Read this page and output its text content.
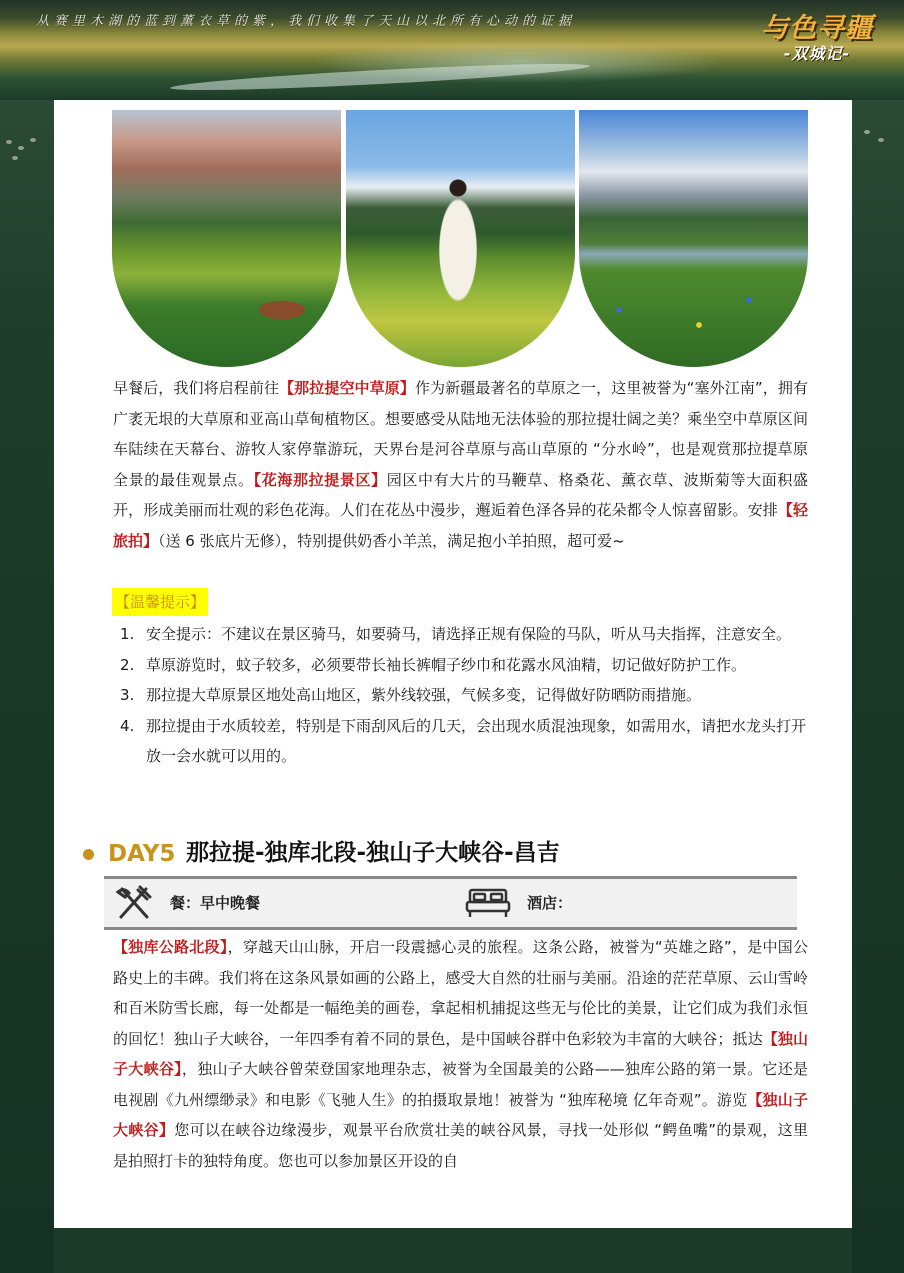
从赛里木湖的蓝到薰衣草的紫，我们收集了天山以北所有心动的证据	与色寻疆
-双城记-
早餐后，我们将启程前往【那拉提空中草原】作为新疆最著名的草原之一，这里被誉为“塞外江南”，拥有广袤无垠的大草原和亚高山草甸植物区。想要感受从陆地无法体验的那拉提壮阔之美？乘坐空中草原区间车陆续在天幕台、游牧人家停靠游玩，天界台是河谷草原与高山草原的 “分水岭”，也是观赏那拉提草原全景的最佳观景点。【花海那拉提景区】园区中有大片的马鞭草、格桑花、薰衣草、波斯菊等大面积盛开，形成美丽而壮观的彩色花海。人们在花丛中漫步，邂逅着色泽各异的花朵都令人惊喜留影。安排【轻旅拍】（送 6 张底片无修），特别提供奶香小羊羔，满足抱小羊拍照，超可爱~
【温馨提示】
1. 安全提示：不建议在景区骑马，如要骑马，请选择正规有保险的马队，听从马夫指挥，注意安全。
2. 草原游览时，蚊子较多，必须要带长袖长裤帽子纱巾和花露水风油精，切记做好防护工作。
3. 那拉提大草原景区地处高山地区，紫外线较强，气候多变，记得做好防晒防雨措施。
4. 那拉提由于水质较差，特别是下雨刮风后的几天，会出现水质混浊现象，如需用水，请把水龙头打开放一会水就可以用的。
DAY5 那拉提-独库北段-独山子大峡谷-昌吉
餐：早中晚餐	酒店：
【独库公路北段】，穿越天山山脉，开启一段震撼心灵的旅程。这条公路，被誉为“英雄之路”，是中国公路史上的丰碑。我们将在这条风景如画的公路上，感受大自然的壮丽与美丽。沿途的茫茫草原、云山雪岭和百米防雪长廊，每一处都是一幅绝美的画卷，拿起相机捕捉这些无与伦比的美景，让它们成为我们永恒的回忆！独山子大峡谷，一年四季有着不同的景色，是中国峡谷群中色彩较为丰富的大峡谷；抵达【独山子大峡谷】，独山子大峡谷曾荣登国家地理杂志，被誉为全国最美的公路——独库公路的第一景。它还是电视剧《九州缥缈录》和电影《飞驰人生》的拍摄取景地！被誉为 “独库秘境 亿年奇观”。游览【独山子大峡谷】您可以在峡谷边缘漫步，观景平台欣赏壮美的峡谷风景，寻找一处形似 “鳄鱼嘴”的景观，这里是拍照打卡的独特角度。您也可以参加景区开设的自
